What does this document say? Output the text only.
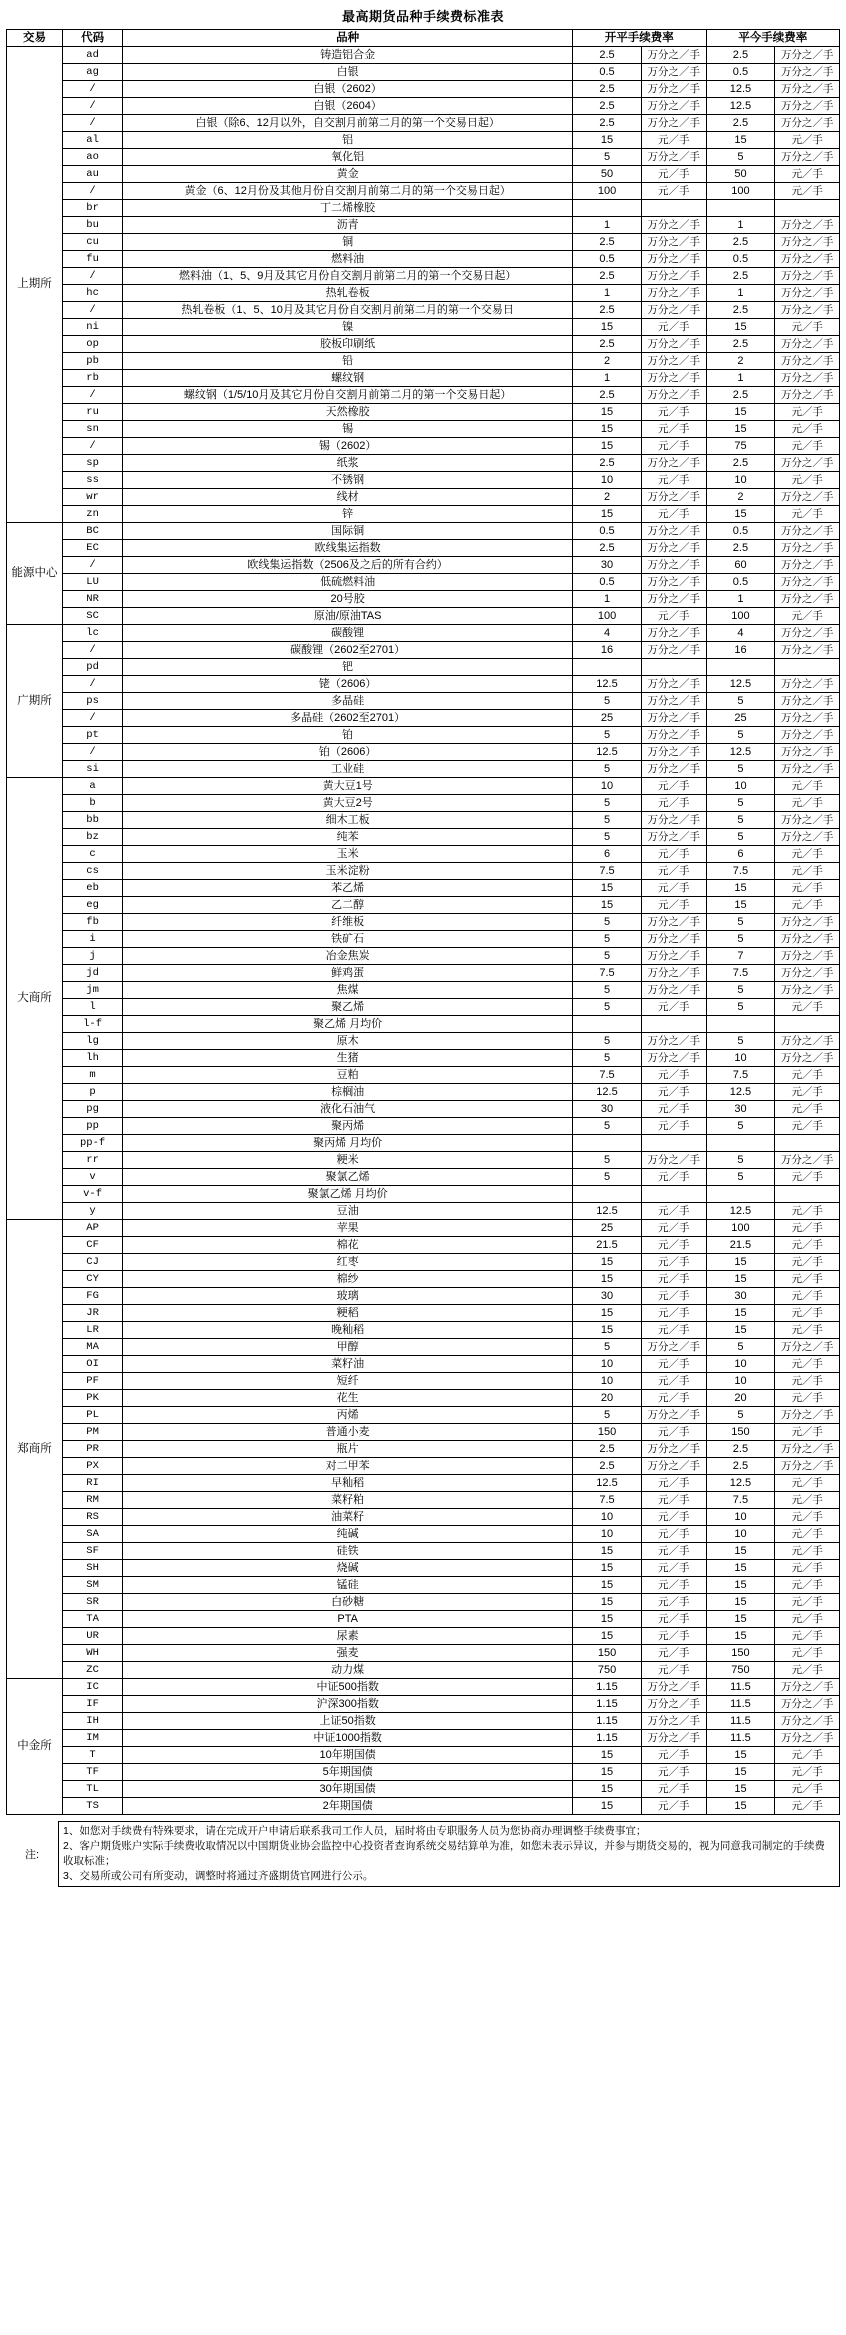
最高期货品种手续费标准表
交易	代码	品种	开平手续费率		平今手续费率	
上期所	ad	铸造铝合金	2.5	万分之／手	2.5	万分之／手
	ag	白银	0.5	万分之／手	0.5	万分之／手
	/	白银（2602）	2.5	万分之／手	12.5	万分之／手
	/	白银（2604）	2.5	万分之／手	12.5	万分之／手
	/	白银（除6、12月以外，自交割月前第二月的第一个交易日起）	2.5	万分之／手	2.5	万分之／手
	al	铝	15	元／手	15	元／手
	ao	氧化铝	5	万分之／手	5	万分之／手
	au	黄金	50	元／手	50	元／手
	/	黄金（6、12月份及其他月份自交割月前第二月的第一个交易日起）	100	元／手	100	元／手
	br	丁二烯橡胶				
	bu	沥青	1	万分之／手	1	万分之／手
	cu	铜	2.5	万分之／手	2.5	万分之／手
	fu	燃料油	0.5	万分之／手	0.5	万分之／手
	/	燃料油（1、5、9月及其它月份自交割月前第二月的第一个交易日起）	2.5	万分之／手	2.5	万分之／手
	hc	热轧卷板	1	万分之／手	1	万分之／手
	/	热轧卷板（1、5、10月及其它月份自交割月前第二月的第一个交易日	2.5	万分之／手	2.5	万分之／手
	ni	镍	15	元／手	15	元／手
	op	胶板印刷纸	2.5	万分之／手	2.5	万分之／手
	pb	铅	2	万分之／手	2	万分之／手
	rb	螺纹钢	1	万分之／手	1	万分之／手
	/	螺纹钢（1/5/10月及其它月份自交割月前第二月的第一个交易日起）	2.5	万分之／手	2.5	万分之／手
	ru	天然橡胶	15	元／手	15	元／手
	sn	锡	15	元／手	15	元／手
	/	锡（2602）	15	元／手	75	元／手
	sp	纸浆	2.5	万分之／手	2.5	万分之／手
	ss	不锈钢	10	元／手	10	元／手
	wr	线材	2	万分之／手	2	万分之／手
	zn	锌	15	元／手	15	元／手
能源中心	BC	国际铜	0.5	万分之／手	0.5	万分之／手
	EC	欧线集运指数	2.5	万分之／手	2.5	万分之／手
	/	欧线集运指数（2506及之后的所有合约）	30	万分之／手	60	万分之／手
	LU	低硫燃料油	0.5	万分之／手	0.5	万分之／手
	NR	20号胶	1	万分之／手	1	万分之／手
	SC	原油/原油TAS	100	元／手	100	元／手
广期所	lc	碳酸锂	4	万分之／手	4	万分之／手
	/	碳酸锂（2602至2701）	16	万分之／手	16	万分之／手
	pd	钯				
	/	铑（2606）	12.5	万分之／手	12.5	万分之／手
	ps	多晶硅	5	万分之／手	5	万分之／手
	/	多晶硅（2602至2701）	25	万分之／手	25	万分之／手
	pt	铂	5	万分之／手	5	万分之／手
	/	铂（2606）	12.5	万分之／手	12.5	万分之／手
	si	工业硅	5	万分之／手	5	万分之／手
大商所	a	黄大豆1号	10	元／手	10	元／手
	b	黄大豆2号	5	元／手	5	元／手
	bb	细木工板	5	万分之／手	5	万分之／手
	bz	纯苯	5	万分之／手	5	万分之／手
	c	玉米	6	元／手	6	元／手
	cs	玉米淀粉	7.5	元／手	7.5	元／手
	eb	苯乙烯	15	元／手	15	元／手
	eg	乙二醇	15	元／手	15	元／手
	fb	纤维板	5	万分之／手	5	万分之／手
	i	铁矿石	5	万分之／手	5	万分之／手
	j	冶金焦炭	5	万分之／手	7	万分之／手
	jd	鲜鸡蛋	7.5	万分之／手	7.5	万分之／手
	jm	焦煤	5	万分之／手	5	万分之／手
	l	聚乙烯	5	元／手	5	元／手
	l-f	聚乙烯 月均价				
	lg	原木	5	万分之／手	5	万分之／手
	lh	生猪	5	万分之／手	10	万分之／手
	m	豆粕	7.5	元／手	7.5	元／手
	p	棕榈油	12.5	元／手	12.5	元／手
	pg	液化石油气	30	元／手	30	元／手
	pp	聚丙烯	5	元／手	5	元／手
	pp-f	聚丙烯 月均价				
	rr	粳米	5	万分之／手	5	万分之／手
	v	聚氯乙烯	5	元／手	5	元／手
	v-f	聚氯乙烯 月均价				
	y	豆油	12.5	元／手	12.5	元／手
郑商所	AP	苹果	25	元／手	100	元／手
	CF	棉花	21.5	元／手	21.5	元／手
	CJ	红枣	15	元／手	15	元／手
	CY	棉纱	15	元／手	15	元／手
	FG	玻璃	30	元／手	30	元／手
	JR	粳稻	15	元／手	15	元／手
	LR	晚籼稻	15	元／手	15	元／手
	MA	甲醇	5	万分之／手	5	万分之／手
	OI	菜籽油	10	元／手	10	元／手
	PF	短纤	10	元／手	10	元／手
	PK	花生	20	元／手	20	元／手
	PL	丙烯	5	万分之／手	5	万分之／手
	PM	普通小麦	150	元／手	150	元／手
	PR	瓶片	2.5	万分之／手	2.5	万分之／手
	PX	对二甲苯	2.5	万分之／手	2.5	万分之／手
	RI	早籼稻	12.5	元／手	12.5	元／手
	RM	菜籽粕	7.5	元／手	7.5	元／手
	RS	油菜籽	10	元／手	10	元／手
	SA	纯碱	10	元／手	10	元／手
	SF	硅铁	15	元／手	15	元／手
	SH	烧碱	15	元／手	15	元／手
	SM	锰硅	15	元／手	15	元／手
	SR	白砂糖	15	元／手	15	元／手
	TA	PTA	15	元／手	15	元／手
	UR	尿素	15	元／手	15	元／手
	WH	强麦	150	元／手	150	元／手
	ZC	动力煤	750	元／手	750	元／手
中金所	IC	中证500指数	1.15	万分之／手	11.5	万分之／手
	IF	沪深300指数	1.15	万分之／手	11.5	万分之／手
	IH	上证50指数	1.15	万分之／手	11.5	万分之／手
	IM	中证1000指数	1.15	万分之／手	11.5	万分之／手
	T	10年期国债	15	元／手	15	元／手
	TF	5年期国债	15	元／手	15	元／手
	TL	30年期国债	15	元／手	15	元／手
	TS	2年期国债	15	元／手	15	元／手
注:
1、如您对手续费有特殊要求，请在完成开户申请后联系我司工作人员，届时将由专职服务人员为您协商办理调整手续费事宜；
2、客户期货账户实际手续费收取情况以中国期货业协会监控中心投资者查询系统交易结算单为准，如您未表示异议，并参与期货交易的，视为同意我司制定的手续费收取标准；
3、交易所或公司有所变动，调整时将通过齐盛期货官网进行公示。
